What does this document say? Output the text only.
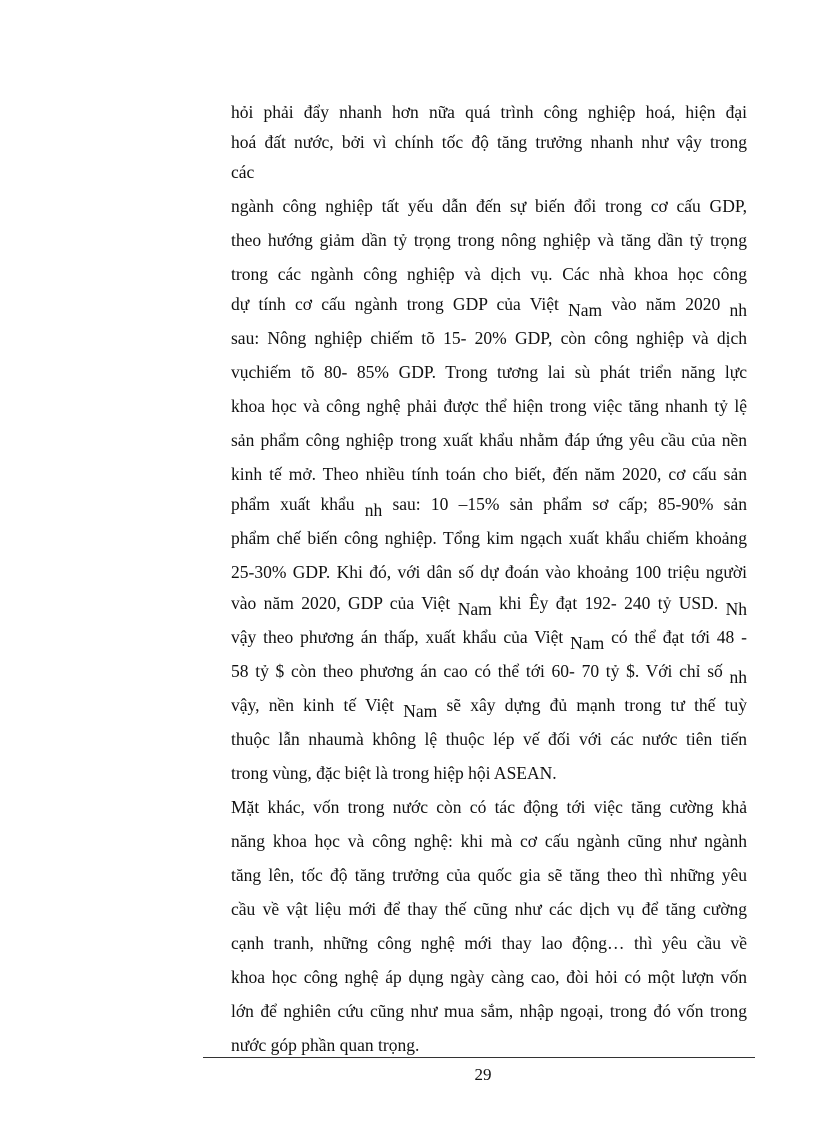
hỏi phải đẩy nhanh hơn nữa quá trình công nghiệp hoá, hiện đại
hoá đất nước, bởi vì chính tốc độ tăng trưởng nhanh như vậy trong
các
ngành công nghiệp tất yếu dẫn đến sự biến đổi trong cơ cấu GDP,
theo hướng giảm dần tỷ trọng trong nông nghiệp và tăng dần tỷ trọng
trong các ngành công nghiệp và dịch vụ. Các nhà khoa học công
dự tính cơ cấu ngành trong GDP của Việt Nam vào năm 2020 nh
sau: Nông nghiệp chiếm tõ 15- 20% GDP, còn công nghiệp và dịch
vụchiếm tõ 80- 85% GDP. Trong tương lai sù phát triển năng lực
khoa học và công nghệ phải được thể hiện trong việc tăng nhanh tỷ lệ
sản phẩm công nghiệp trong xuất khẩu nhằm đáp ứng yêu cầu của nền
kinh tế mở. Theo nhiều tính toán cho biết, đến năm 2020, cơ cấu sản
phẩm xuất khẩu nh sau: 10 –15% sản phẩm sơ cấp; 85-90% sản
phẩm chế biến công nghiệp. Tổng kim ngạch xuất khẩu chiếm khoảng
25-30% GDP. Khi đó, với dân số dự đoán vào khoảng 100 triệu người
vào năm 2020, GDP của Việt Nam khi Êy đạt 192- 240 tỷ USD. Nh
vậy theo phương án thấp, xuất khẩu của Việt Nam có thể đạt tới 48 -
58 tỷ $ còn theo phương án cao có thể tới 60- 70 tỷ $. Với chỉ số nh
vậy, nền kinh tế Việt Nam sẽ xây dựng đủ mạnh trong tư thế tuỳ
thuộc lẫn nhaumà không lệ thuộc lép vế đối với các nước tiên tiến
trong vùng, đặc biệt là trong hiệp hội ASEAN.
Mặt khác, vốn trong nước còn có tác động tới việc tăng cường khả
năng khoa học và công nghệ: khi mà cơ cấu ngành cũng như ngành
tăng lên, tốc độ tăng trưởng của quốc gia sẽ tăng theo thì những yêu
cầu về vật liệu mới để thay thế cũng như các dịch vụ để tăng cường
cạnh tranh, những công nghệ mới thay lao động… thì yêu cầu về
khoa học công nghệ áp dụng ngày càng cao, đòi hỏi có một lượn vốn
lớn để nghiên cứu cũng như mua sắm, nhập ngoại, trong đó vốn trong
nước góp phần quan trọng.
29
